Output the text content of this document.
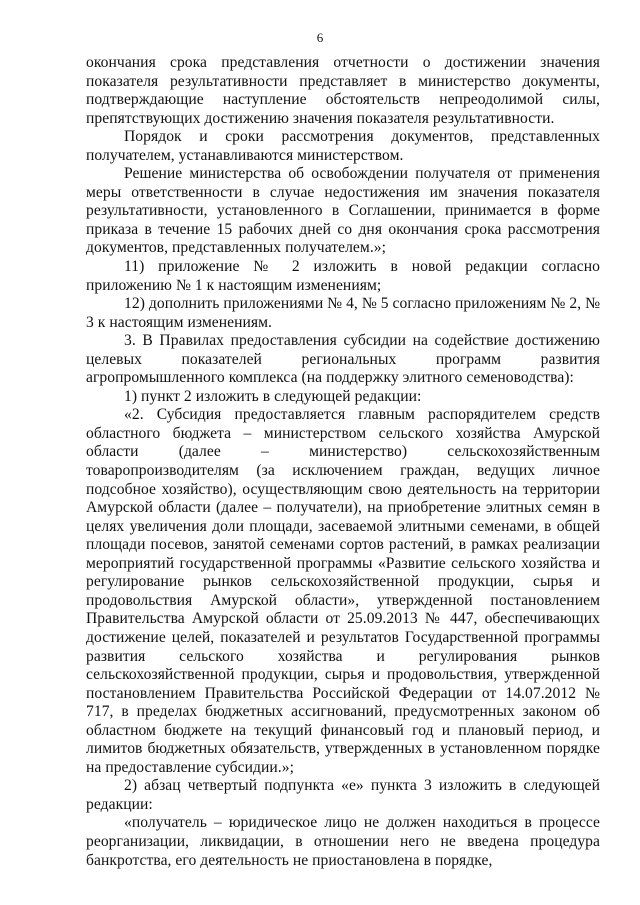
6

окончания срока представления отчетности о достижении значения показателя результативности представляет в министерство документы, подтверждающие наступление обстоятельств непреодолимой силы, препятствующих достижению значения показателя результативности.

Порядок и сроки рассмотрения документов, представленных получателем, устанавливаются министерством.

Решение министерства об освобождении получателя от применения меры ответственности в случае недостижения им значения показателя результативности, установленного в Соглашении, принимается в форме приказа в течение 15 рабочих дней со дня окончания срока рассмотрения документов, представленных получателем.»;

11) приложение № 2 изложить в новой редакции согласно приложению № 1 к настоящим изменениям;

12) дополнить приложениями № 4, № 5 согласно приложениям № 2, № 3 к настоящим изменениям.

3. В Правилах предоставления субсидии на содействие достижению целевых показателей региональных программ развития агропромышленного комплекса (на поддержку элитного семеноводства):

1) пункт 2 изложить в следующей редакции:

«2. Субсидия предоставляется главным распорядителем средств областного бюджета – министерством сельского хозяйства Амурской области (далее – министерство) сельскохозяйственным товаропроизводителям (за исключением граждан, ведущих личное подсобное хозяйство), осуществляющим свою деятельность на территории Амурской области (далее – получатели), на приобретение элитных семян в целях увеличения доли площади, засеваемой элитными семенами, в общей площади посевов, занятой семенами сортов растений, в рамках реализации мероприятий государственной программы «Развитие сельского хозяйства и регулирование рынков сельскохозяйственной продукции, сырья и продовольствия Амурской области», утвержденной постановлением Правительства Амурской области от 25.09.2013 № 447, обеспечивающих достижение целей, показателей и результатов Государственной программы развития сельского хозяйства и регулирования рынков сельскохозяйственной продукции, сырья и продовольствия, утвержденной постановлением Правительства Российской Федерации от 14.07.2012 № 717, в пределах бюджетных ассигнований, предусмотренных законом об областном бюджете на текущий финансовый год и плановый период, и лимитов бюджетных обязательств, утвержденных в установленном порядке на предоставление субсидии.»;

2) абзац четвертый подпункта «е» пункта 3 изложить в следующей редакции:

«получатель – юридическое лицо не должен находиться в процессе реорганизации, ликвидации, в отношении него не введена процедура банкротства, его деятельность не приостановлена в порядке,
